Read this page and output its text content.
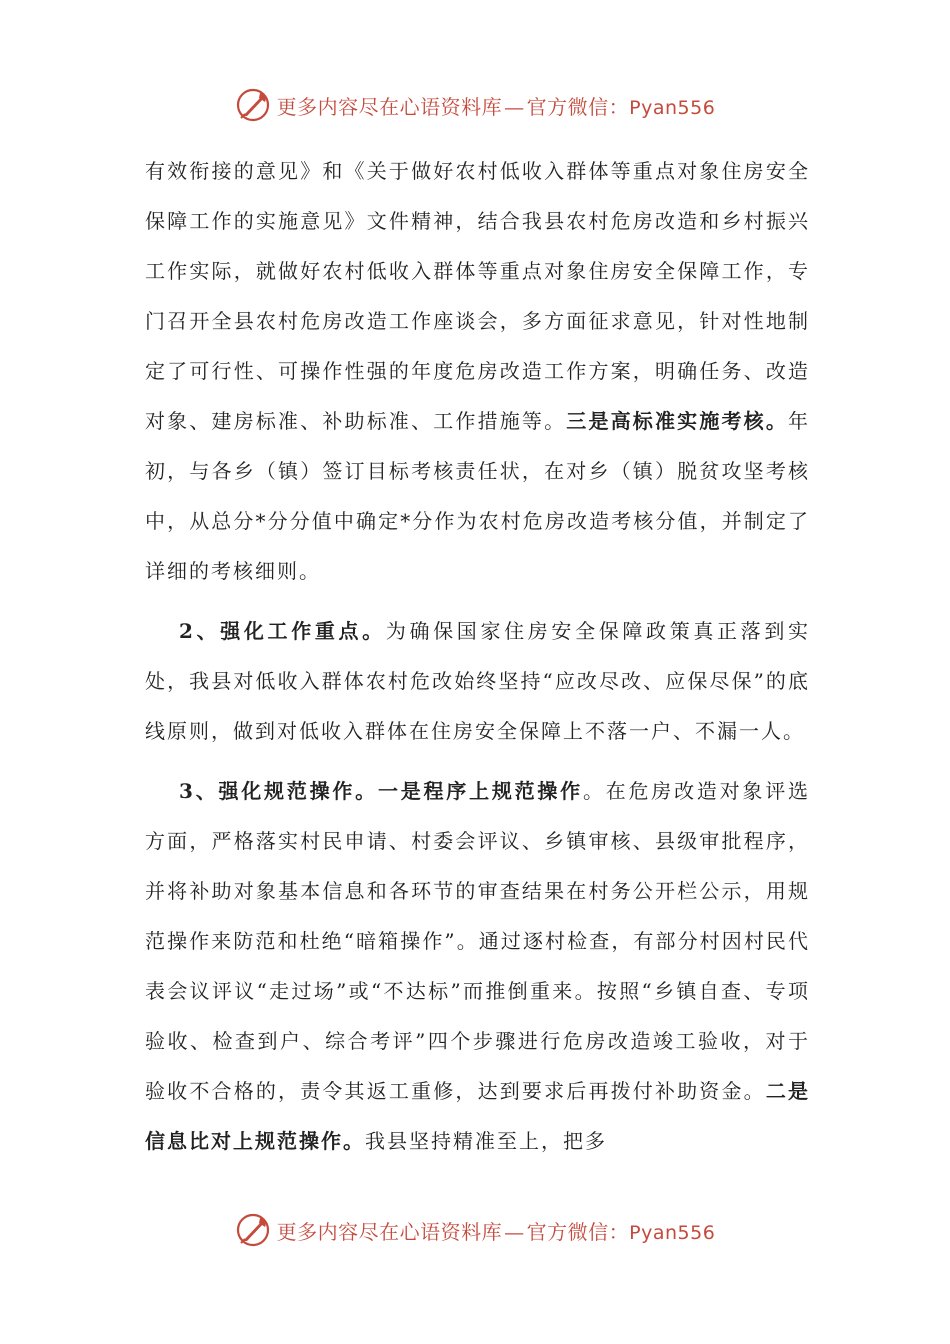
更多内容尽在心语资料库 — 官方微信：Pyan556

有效衔接的意见》和《关于做好农村低收入群体等重点对象住房安全保障工作的实施意见》文件精神，结合我县农村危房改造和乡村振兴工作实际，就做好农村低收入群体等重点对象住房安全保障工作，专门召开全县农村危房改造工作座谈会，多方面征求意见，针对性地制定了可行性、可操作性强的年度危房改造工作方案，明确任务、改造对象、建房标准、补助标准、工作措施等。三是高标准实施考核。年初，与各乡（镇）签订目标考核责任状，在对乡（镇）脱贫攻坚考核中，从总分*分分值中确定*分作为农村危房改造考核分值，并制定了详细的考核细则。

2、强化工作重点。为确保国家住房安全保障政策真正落到实处，我县对低收入群体农村危改始终坚持“应改尽改、应保尽保”的底线原则，做到对低收入群体在住房安全保障上不落一户、不漏一人。

3、强化规范操作。一是程序上规范操作。在危房改造对象评选方面，严格落实村民申请、村委会评议、乡镇审核、县级审批程序，并将补助对象基本信息和各环节的审查结果在村务公开栏公示，用规范操作来防范和杜绝“暗箱操作”。通过逐村检查，有部分村因村民代表会议评议“走过场”或“不达标”而推倒重来。按照“乡镇自查、专项验收、检查到户、综合考评”四个步骤进行危房改造竣工验收，对于验收不合格的，责令其返工重修，达到要求后再拨付补助资金。二是信息比对上规范操作。我县坚持精准至上，把多

更多内容尽在心语资料库 — 官方微信：Pyan556
